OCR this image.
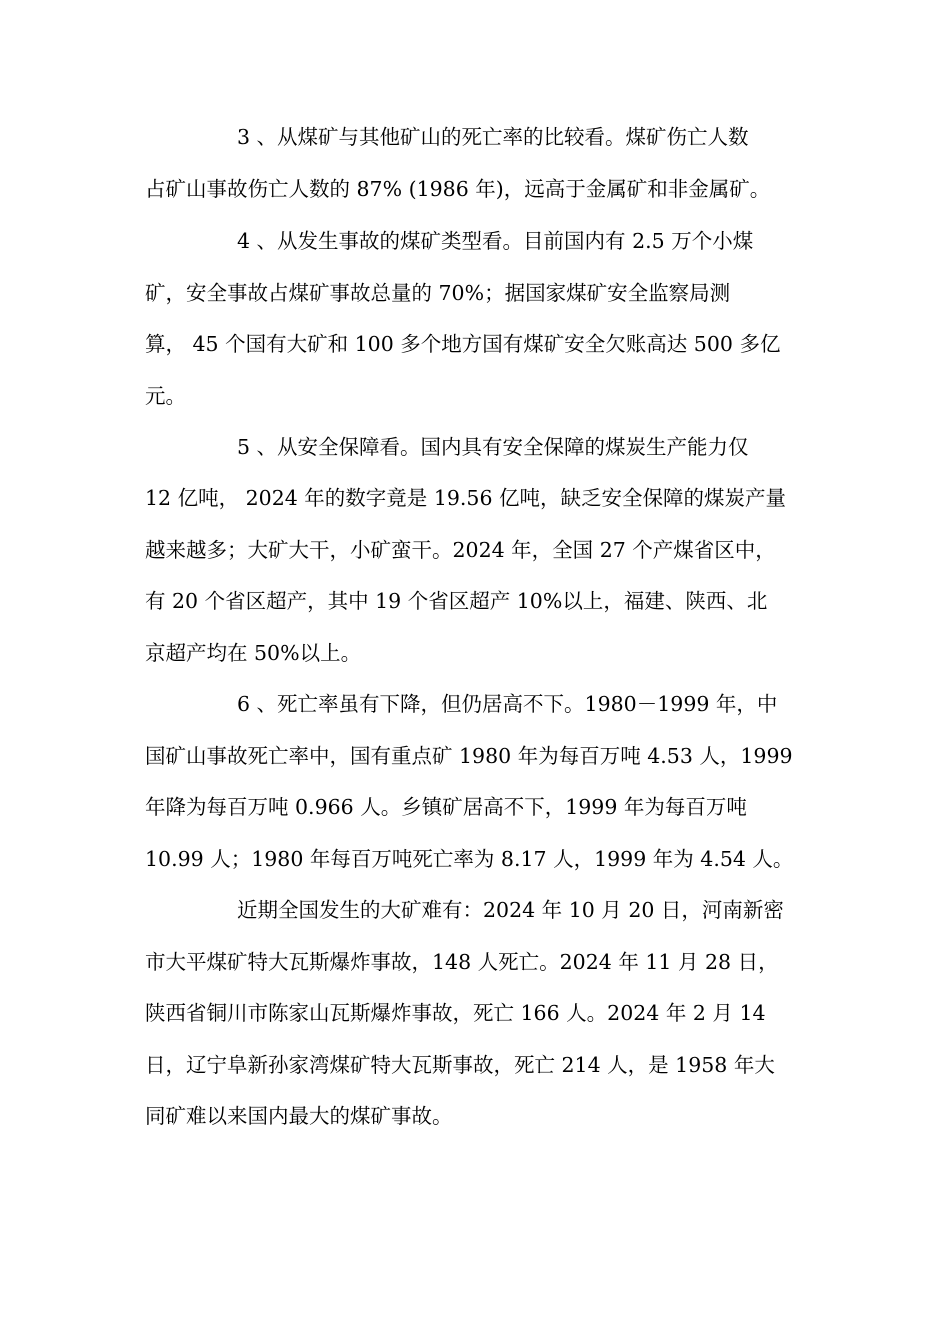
3 、从煤矿与其他矿山的死亡率的比较看。煤矿伤亡人数
占矿山事故伤亡人数的 87% (1986 年)，远高于金属矿和非金属矿。
4 、从发生事故的煤矿类型看。目前国内有 2.5 万个小煤
矿，安全事故占煤矿事故总量的 70%；据国家煤矿安全监察局测
算， 45 个国有大矿和 100 多个地方国有煤矿安全欠账高达 500 多亿
元。
5 、从安全保障看。国内具有安全保障的煤炭生产能力仅
12 亿吨， 2024 年的数字竟是 19.56 亿吨，缺乏安全保障的煤炭产量
越来越多；大矿大干，小矿蛮干。2024 年，全国 27 个产煤省区中，
有 20 个省区超产，其中 19 个省区超产 10%以上，福建、陕西、北
京超产均在 50%以上。
6 、死亡率虽有下降，但仍居高不下。1980－1999 年，中
国矿山事故死亡率中，国有重点矿 1980 年为每百万吨 4.53 人，1999
年降为每百万吨 0.966 人。乡镇矿居高不下，1999 年为每百万吨
10.99 人；1980 年每百万吨死亡率为 8.17 人，1999 年为 4.54 人。
近期全国发生的大矿难有：2024 年 10 月 20 日，河南新密
市大平煤矿特大瓦斯爆炸事故，148 人死亡。2024 年 11 月 28 日，
陕西省铜川市陈家山瓦斯爆炸事故，死亡 166 人。2024 年 2 月 14
日，辽宁阜新孙家湾煤矿特大瓦斯事故，死亡 214 人，是 1958 年大
同矿难以来国内最大的煤矿事故。
